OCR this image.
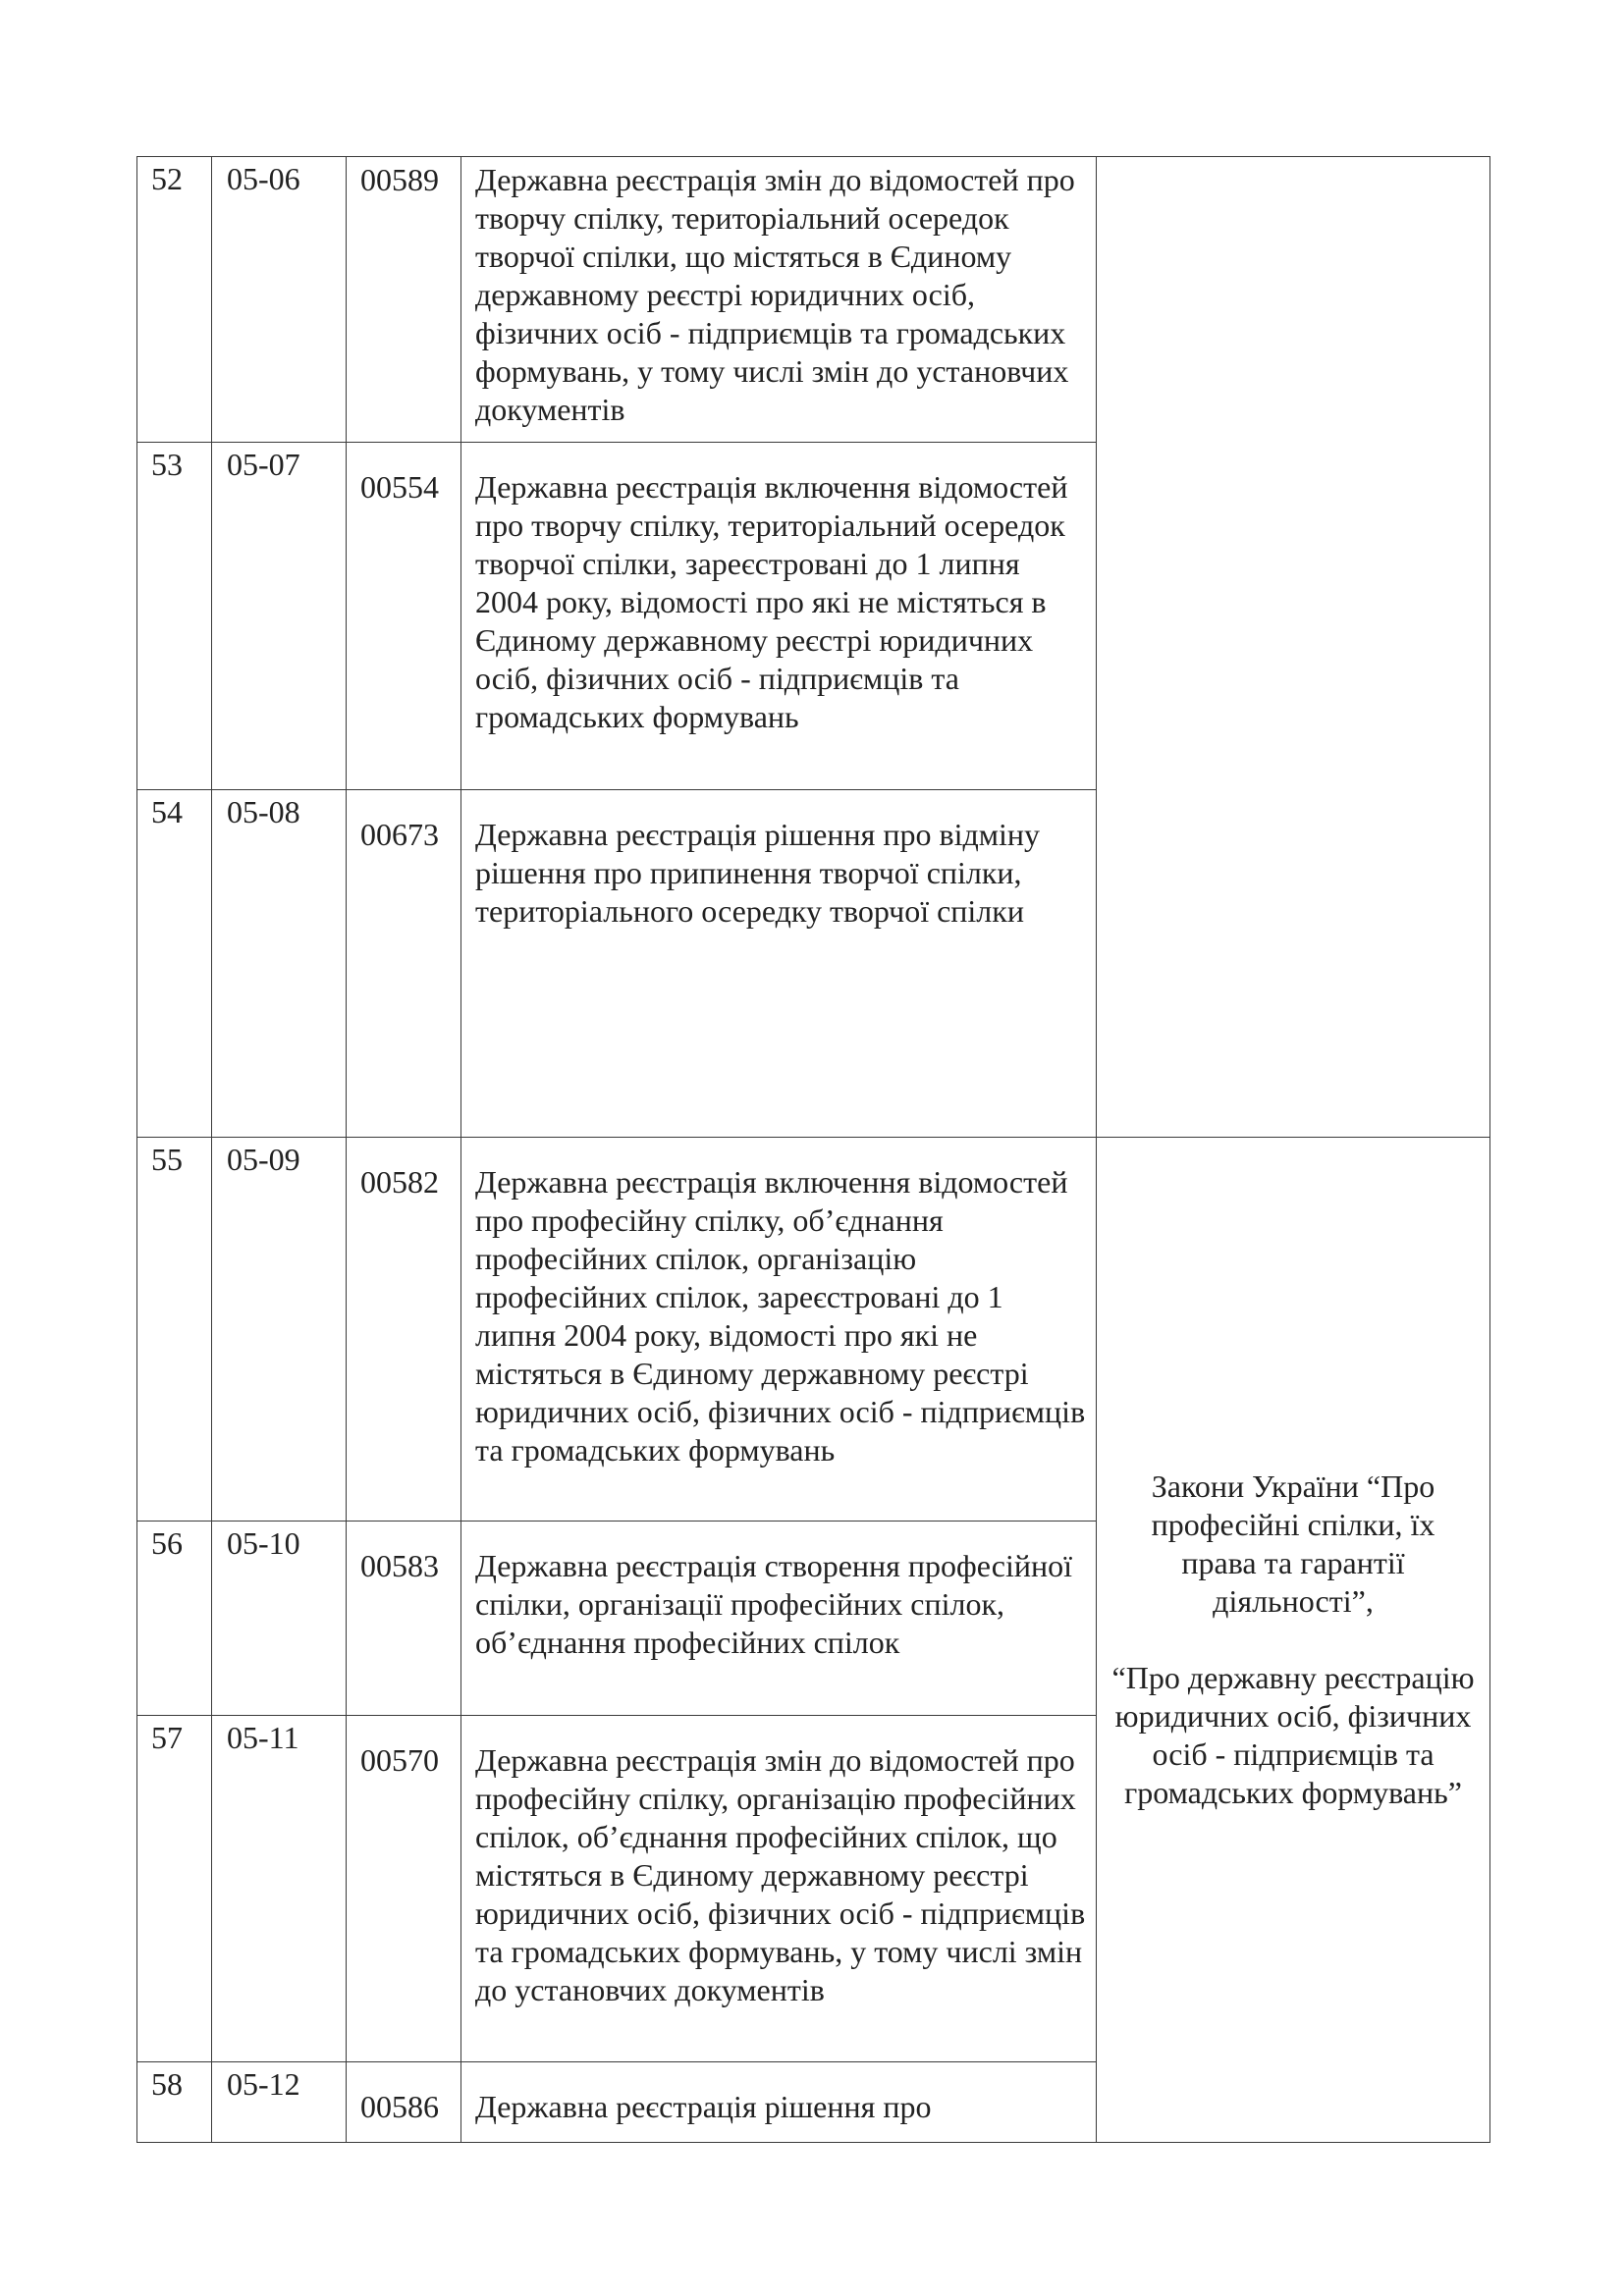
52	05-06	00589	Державна реєстрація змін до відомостей про творчу спілку, територіальний осередок творчої спілки, що містяться в Єдиному державному реєстрі юридичних осіб, фізичних осіб - підприємців та громадських формувань, у тому числі змін до установчих документів	
53	05-07	00554	Державна реєстрація включення відомостей про творчу спілку, територіальний осередок творчої спілки, зареєстровані до 1 липня 2004 року, відомості про які не містяться в Єдиному державному реєстрі юридичних осіб, фізичних осіб - підприємців та громадських формувань	
54	05-08	00673	Державна реєстрація рішення про відміну рішення про припинення творчої спілки, територіального осередку творчої спілки	
55	05-09	00582	Державна реєстрація включення відомостей про професійну спілку, об’єднання професійних спілок, організацію професійних спілок, зареєстровані до 1 липня 2004 року, відомості про які не містяться в Єдиному державному реєстрі юридичних осіб, фізичних осіб - підприємців та громадських формувань	Закони України “Про професійні спілки, їх права та гарантії діяльності”,
“Про державну реєстрацію юридичних осіб, фізичних осіб - підприємців та громадських формувань”

56	05-10	00583	Державна реєстрація створення професійної спілки, організації професійних спілок, об’єднання професійних спілок	
57	05-11	00570	Державна реєстрація змін до відомостей про професійну спілку, організацію професійних спілок, об’єднання професійних спілок, що містяться в Єдиному державному реєстрі юридичних осіб, фізичних осіб - підприємців та громадських формувань, у тому числі змін до установчих документів	
58	05-12	00586	Державна реєстрація рішення про	
